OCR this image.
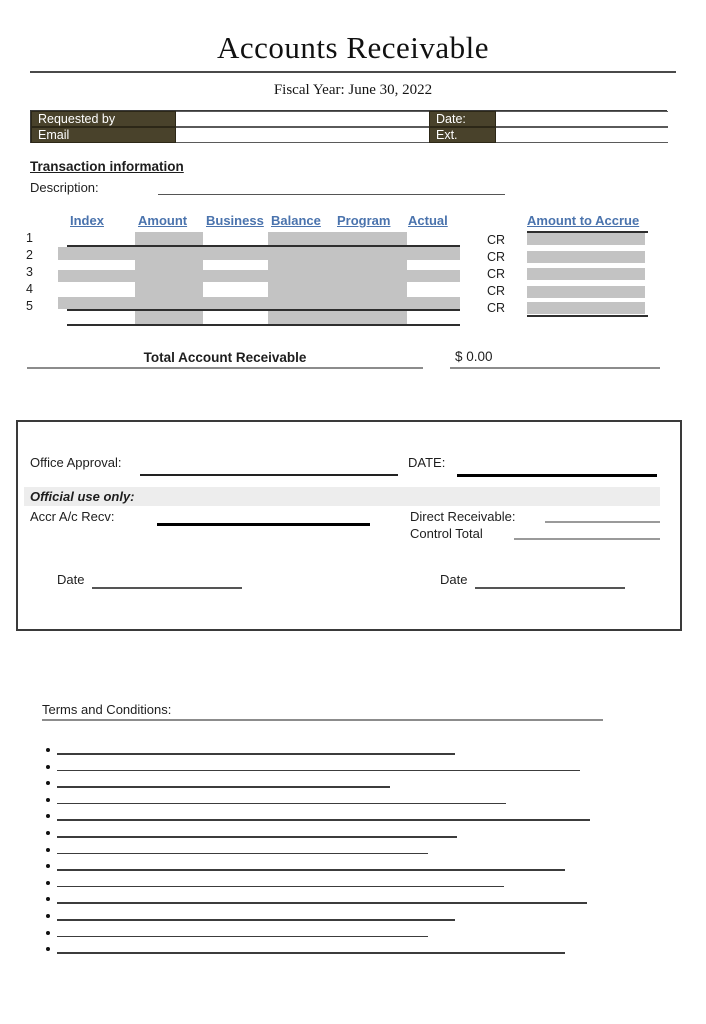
Accounts Receivable
Fiscal Year: June 30, 2022
Requested by	Date:
Email	Ext.
Transaction information
Description:
Amount to Accrue
Index	Amount Business Balance Program Actual
1	CR
2	CR
3	CR
4	CR
5	CR
Total Account Receivable	$ 0.00
Office Approval:	DATE:
Official use only:
Accr A/c Recv:	Direct Receivable:
Control Total
Date	Date
Terms and Conditions:
